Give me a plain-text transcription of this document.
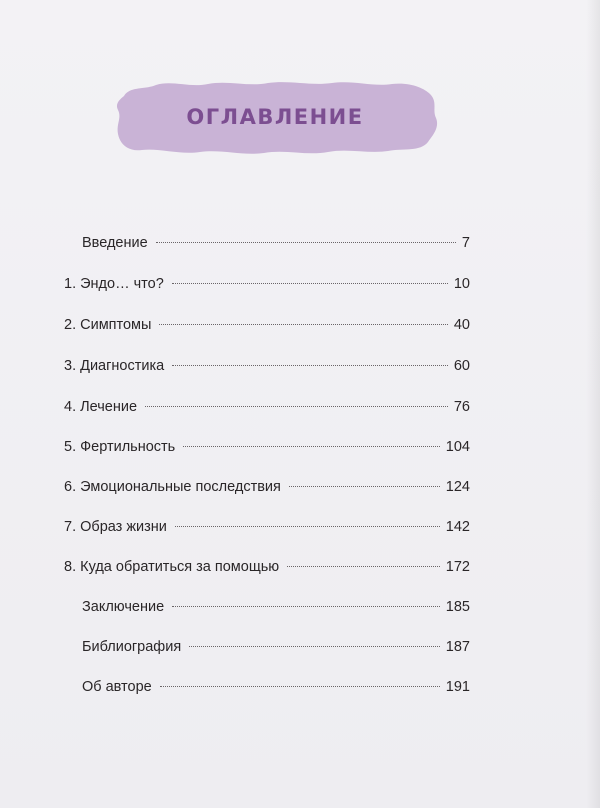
ОГЛАВЛЕНИЕ
Введение	7
1. Эндо… что?	10
2. Симптомы	40
3. Диагностика	60
4. Лечение	76
5. Фертильность	104
6. Эмоциональные последствия	124
7. Образ жизни	142
8. Куда обратиться за помощью	172
Заключение	185
Библиография	187
Об авторе	191
